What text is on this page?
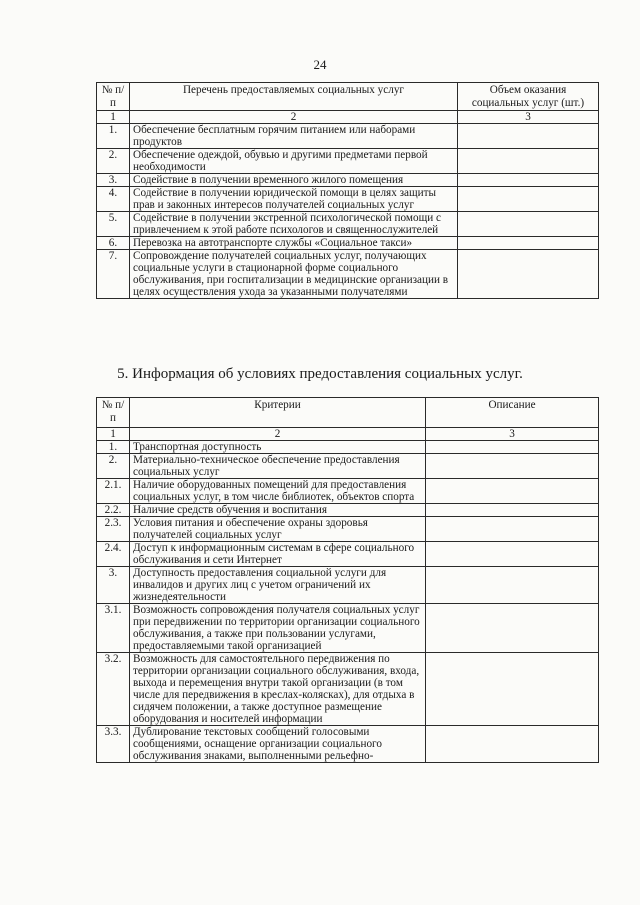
24
№ п/п	Перечень предоставляемых социальных услуг	Объем оказания социальных услуг (шт.)
1	2	3
1.	Обеспечение бесплатным горячим питанием или наборами продуктов	
2.	Обеспечение одеждой, обувью и другими предметами первой необходимости	
3.	Содействие в получении временного жилого помещения	
4.	Содействие в получении юридической помощи в целях защиты прав и законных интересов получателей социальных услуг	
5.	Содействие в получении экстренной психологической помощи с привлечением к этой работе психологов и священнослужителей	
6.	Перевозка на автотранспорте службы «Социальное такси»	
7.	Сопровождение получателей социальных услуг, получающих социальные услуги в стационарной форме социального обслуживания, при госпитализации в медицинские организации в целях осуществления ухода за указанными получателями	
5. Информация об условиях предоставления социальных услуг.
№ п/п	Критерии	Описание
1	2	3
1.	Транспортная доступность	
2.	Материально-техническое обеспечение предоставления социальных услуг	
2.1.	Наличие оборудованных помещений для предоставления социальных услуг, в том числе библиотек, объектов спорта	
2.2.	Наличие средств обучения и воспитания	
2.3.	Условия питания и обеспечение охраны здоровья получателей социальных услуг	
2.4.	Доступ к информационным системам в сфере социального обслуживания и сети Интернет	
3.	Доступность предоставления социальной услуги для инвалидов и других лиц с учетом ограничений их жизнедеятельности	
3.1.	Возможность сопровождения получателя социальных услуг при передвижении по территории организации социального обслуживания, а также при пользовании услугами, предоставляемыми такой организацией	
3.2.	Возможность для самостоятельного передвижения по территории организации социального обслуживания, входа, выхода и перемещения внутри такой организации (в том числе для передвижения в креслах-колясках), для отдыха в сидячем положении, а также доступное размещение оборудования и носителей информации	
3.3.	Дублирование текстовых сообщений голосовыми сообщениями, оснащение организации социального обслуживания знаками, выполненными рельефно-	
